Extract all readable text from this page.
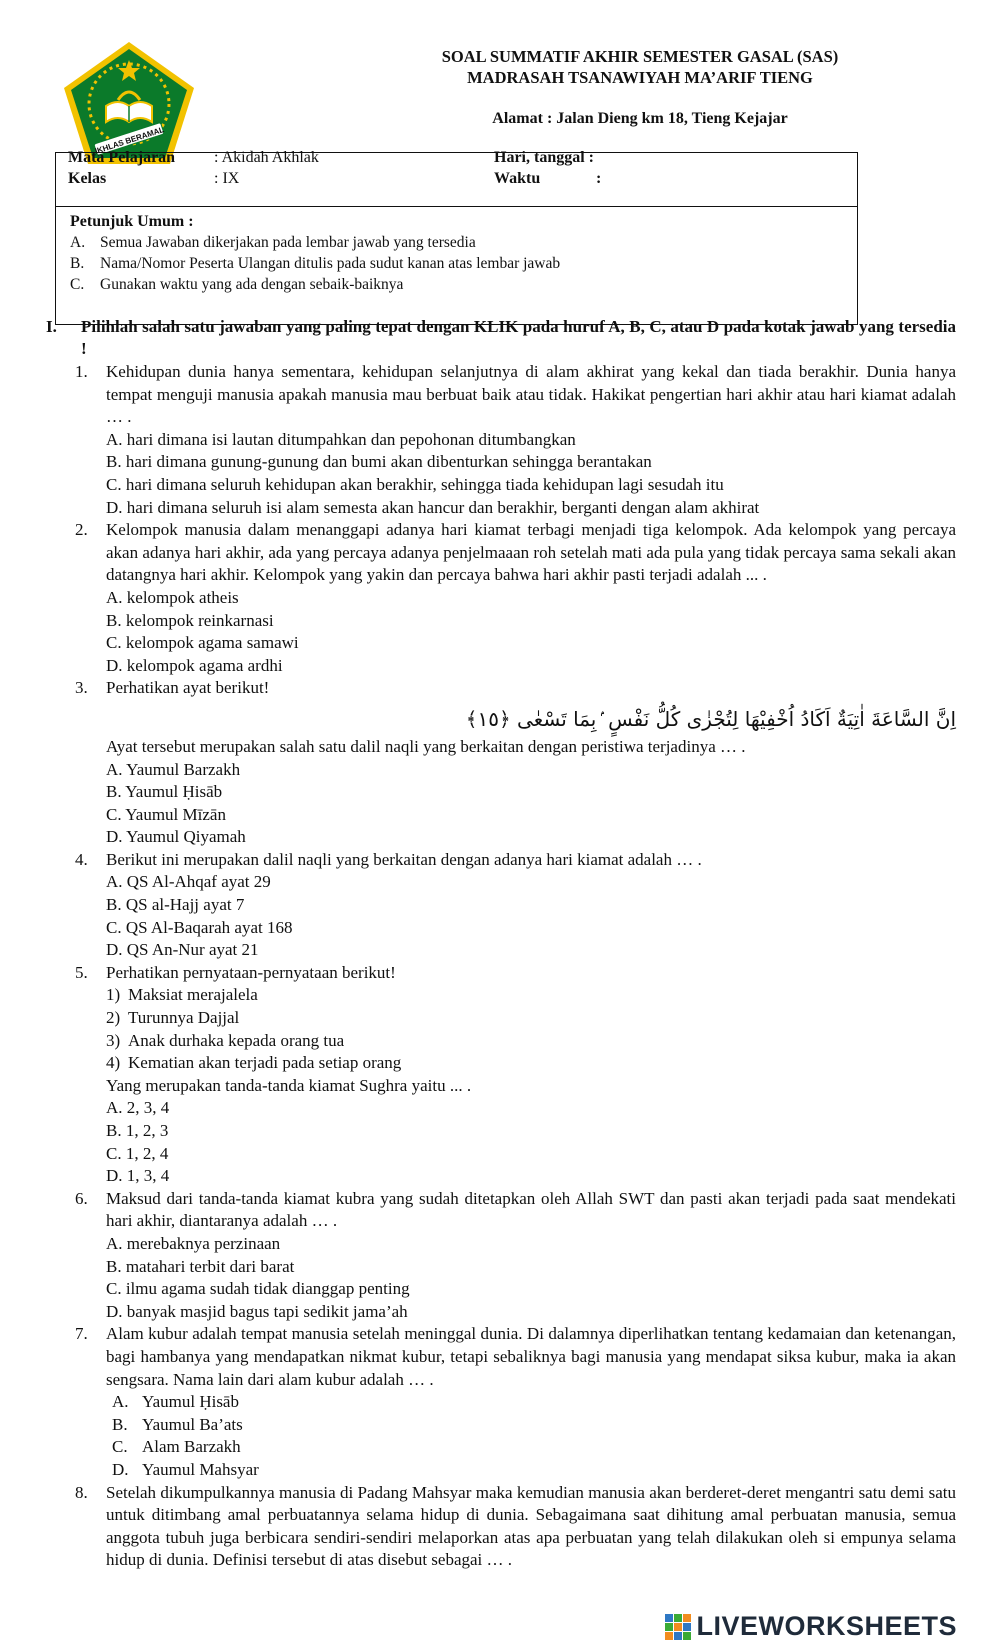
IKHLAS BERAMAL
SOAL SUMMATIF AKHIR SEMESTER GASAL (SAS)
MADRASAH TSANAWIYAH MA’ARIF TIENG
Alamat : Jalan Dieng km 18, Tieng Kejajar
Mata Pelajaran : Akidah Akhlak	Hari, tanggal :
Kelas	: IX	Waktu	:
Petunjuk Umum :
A. Semua Jawaban dikerjakan pada lembar jawab yang tersedia
B. Nama/Nomor Peserta Ulangan ditulis pada sudut kanan atas lembar jawab
C. Gunakan waktu yang ada dengan sebaik-baiknya
I. Pilihlah salah satu jawaban yang paling tepat dengan KLIK pada huruf A, B, C, atau D pada kotak jawab yang tersedia !
1. Kehidupan dunia hanya sementara, kehidupan selanjutnya di alam akhirat yang kekal dan tiada berakhir. Dunia hanya tempat menguji manusia apakah manusia mau berbuat baik atau tidak. Hakikat pengertian hari akhir atau hari kiamat adalah … .
A. hari dimana isi lautan ditumpahkan dan pepohonan ditumbangkan
B. hari dimana gunung-gunung dan bumi akan dibenturkan sehingga berantakan
C. hari dimana seluruh kehidupan akan berakhir, sehingga tiada kehidupan lagi sesudah itu
D. hari dimana seluruh isi alam semesta akan hancur dan berakhir, berganti dengan alam akhirat
2. Kelompok manusia dalam menanggapi adanya hari kiamat terbagi menjadi tiga kelompok. Ada kelompok yang percaya akan adanya hari akhir, ada yang percaya adanya penjelmaaan roh setelah mati ada pula yang tidak percaya sama sekali akan datangnya hari akhir. Kelompok yang yakin dan percaya bahwa hari akhir pasti terjadi adalah ... .
A. kelompok atheis
B. kelompok reinkarnasi
C. kelompok agama samawi
D. kelompok agama ardhi
3. Perhatikan ayat berikut!
اِنَّ السَّاعَةَ اٰتِيَةٌ اَكَادُ اُخْفِيْهَا لِتُجْزٰى كُلُّ نَفْسٍ ۢبِمَا تَسْعٰى ﴿١٥﴾
Ayat tersebut merupakan salah satu dalil naqli yang berkaitan dengan peristiwa terjadinya … .
A. Yaumul Barzakh
B. Yaumul Ḥisāb
C. Yaumul Mīzān
D. Yaumul Qiyamah
4. Berikut ini merupakan dalil naqli yang berkaitan dengan adanya hari kiamat adalah … .
A. QS Al-Ahqaf ayat 29
B. QS al-Hajj ayat 7
C. QS Al-Baqarah ayat 168
D. QS An-Nur ayat 21
5. Perhatikan pernyataan-pernyataan berikut!
1) Maksiat merajalela
2) Turunnya Dajjal
3) Anak durhaka kepada orang tua
4) Kematian akan terjadi pada setiap orang
Yang merupakan tanda-tanda kiamat Sughra yaitu ... .
A. 2, 3, 4
B. 1, 2, 3
C. 1, 2, 4
D. 1, 3, 4
6. Maksud dari tanda-tanda kiamat kubra yang sudah ditetapkan oleh Allah SWT dan pasti akan terjadi pada saat mendekati hari akhir, diantaranya adalah … .
A. merebaknya perzinaan
B. matahari terbit dari barat
C. ilmu agama sudah tidak dianggap penting
D. banyak masjid bagus tapi sedikit jama’ah
7. Alam kubur adalah tempat manusia setelah meninggal dunia. Di dalamnya diperlihatkan tentang kedamaian dan ketenangan, bagi hambanya yang mendapatkan nikmat kubur, tetapi sebaliknya bagi manusia yang mendapat siksa kubur, maka ia akan sengsara. Nama lain dari alam kubur adalah … .
A. Yaumul Ḥisāb
B. Yaumul Ba’ats
C. Alam Barzakh
D. Yaumul Mahsyar
8. Setelah dikumpulkannya manusia di Padang Mahsyar maka kemudian manusia akan berderet-deret mengantri satu demi satu untuk ditimbang amal perbuatannya selama hidup di dunia. Sebagaimana saat dihitung amal perbuatan manusia, semua anggota tubuh juga berbicara sendiri-sendiri melaporkan atas apa perbuatan yang telah dilakukan oleh si empunya selama hidup di dunia. Definisi tersebut di atas disebut sebagai … .
LIVEWORKSHEETS
